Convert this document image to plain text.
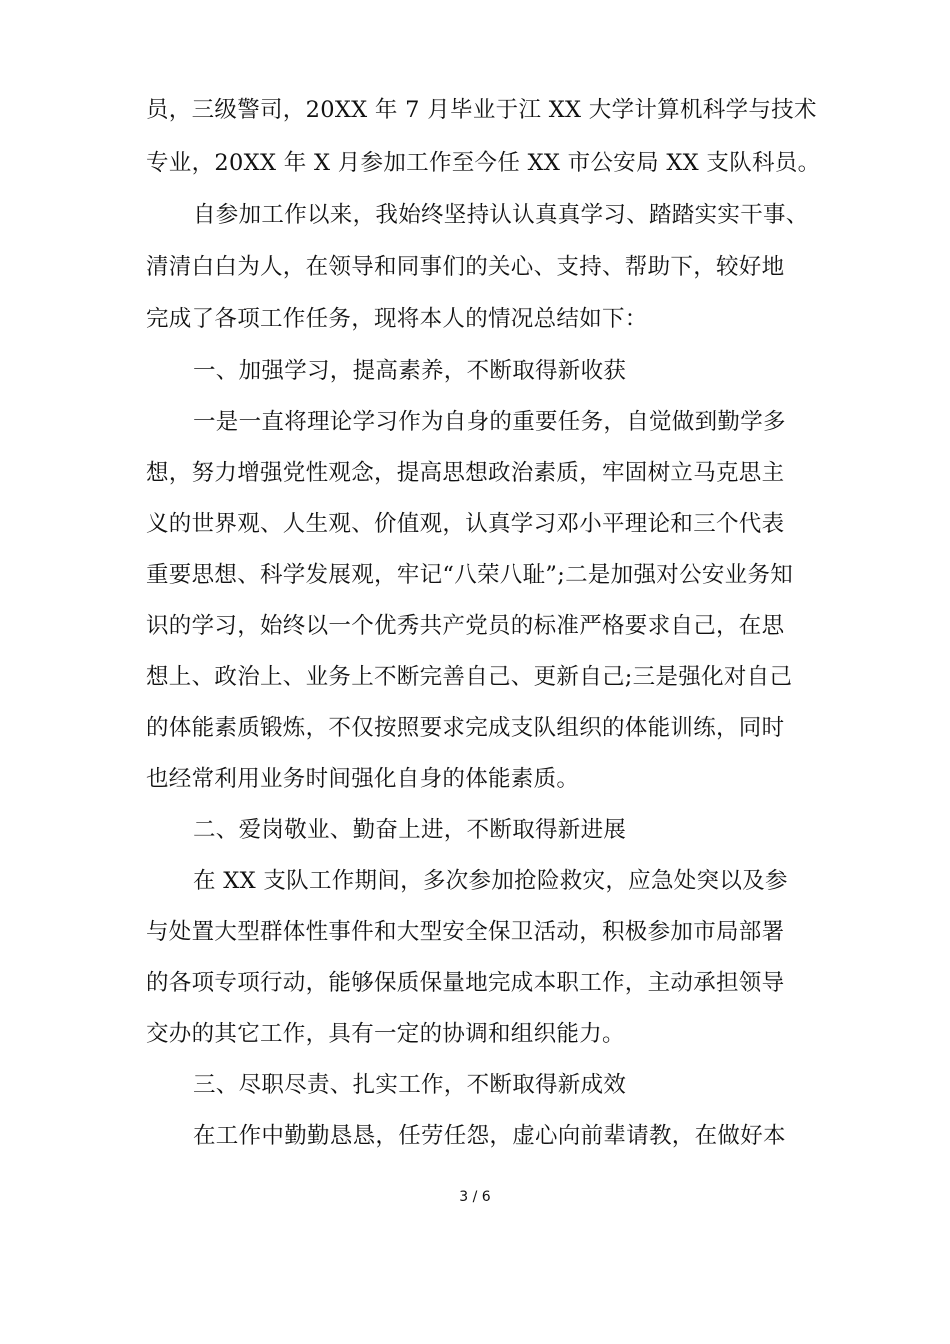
员，三级警司，20XX 年 7 月毕业于江 XX 大学计算机科学与技术
专业，20XX 年 X 月参加工作至今任 XX 市公安局 XX 支队科员。
自参加工作以来，我始终坚持认认真真学习、踏踏实实干事、
清清白白为人，在领导和同事们的关心、支持、帮助下，较好地
完成了各项工作任务，现将本人的情况总结如下：
一、加强学习，提高素养，不断取得新收获
一是一直将理论学习作为自身的重要任务，自觉做到勤学多
想，努力增强党性观念，提高思想政治素质，牢固树立马克思主
义的世界观、人生观、价值观，认真学习邓小平理论和三个代表
重要思想、科学发展观，牢记“八荣八耻”;二是加强对公安业务知
识的学习，始终以一个优秀共产党员的标准严格要求自己，在思
想上、政治上、业务上不断完善自己、更新自己;三是强化对自己
的体能素质锻炼，不仅按照要求完成支队组织的体能训练，同时
也经常利用业务时间强化自身的体能素质。
二、爱岗敬业、勤奋上进，不断取得新进展
在 XX 支队工作期间，多次参加抢险救灾，应急处突以及参
与处置大型群体性事件和大型安全保卫活动，积极参加市局部署
的各项专项行动，能够保质保量地完成本职工作，主动承担领导
交办的其它工作，具有一定的协调和组织能力。
三、尽职尽责、扎实工作，不断取得新成效
在工作中勤勤恳恳，任劳任怨，虚心向前辈请教，在做好本
3 / 6
